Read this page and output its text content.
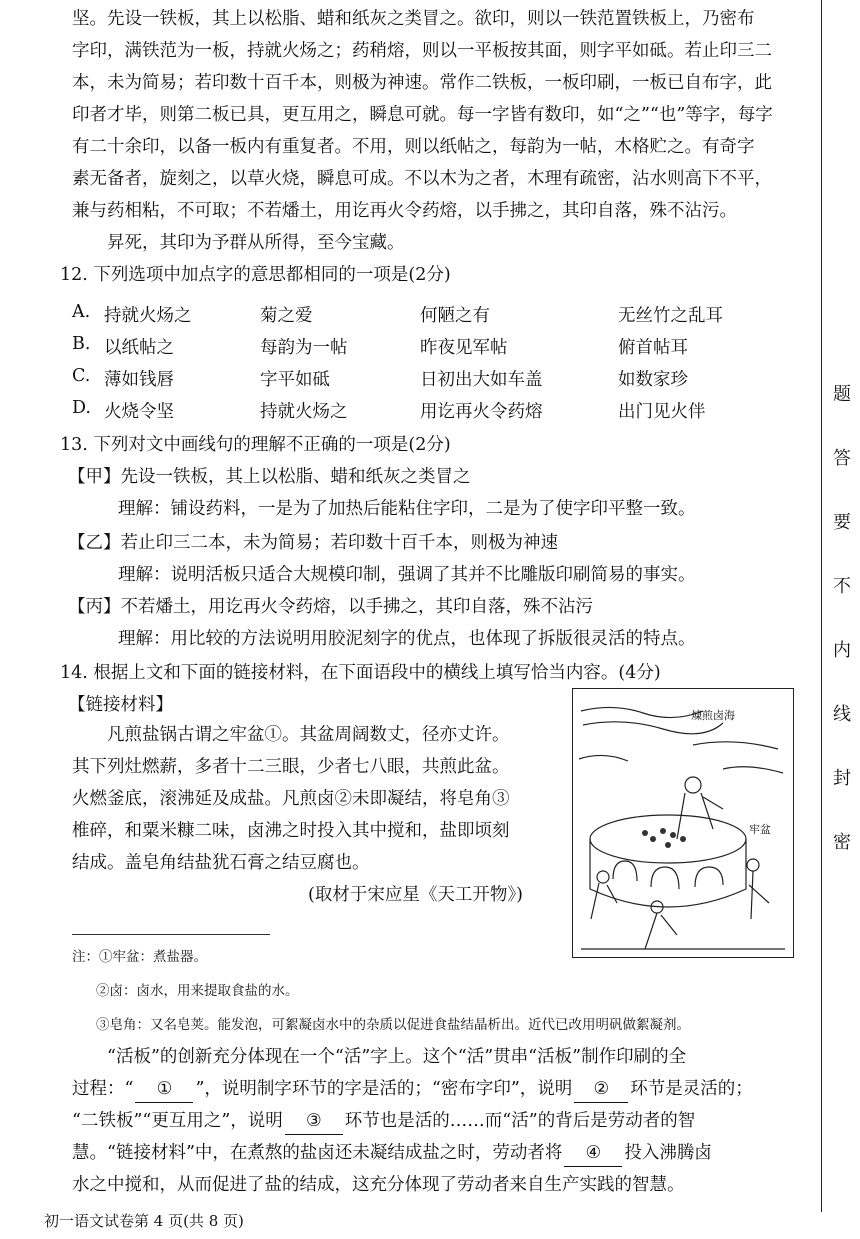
坚。先设一铁板，其上以松脂、蜡和纸灰之类冒之。欲印，则以一铁范置铁板上，乃密布
字印，满铁范为一板，持就火炀之；药稍熔，则以一平板按其面，则字平如砥。若止印三二
本，未为简易；若印数十百千本，则极为神速。常作二铁板，一板印刷，一板已自布字，此
印者才毕，则第二板已具，更互用之，瞬息可就。每一字皆有数印，如“之”“也”等字，每字
有二十余印，以备一板内有重复者。不用，则以纸帖之，每韵为一帖，木格贮之。有奇字
素无备者，旋刻之，以草火烧，瞬息可成。不以木为之者，木理有疏密，沾水则高下不平，
兼与药相粘，不可取；不若燔土，用讫再火令药熔，以手拂之，其印自落，殊不沾污。
　　昇死，其印为予群从所得，至今宝藏。
12. 下列选项中加点字的意思都相同的一项是(2分)
A. 持就火炀之	菊之爱	何陋之有	无丝竹之乱耳
B. 以纸帖之	每韵为一帖	昨夜见军帖	俯首帖耳
C. 薄如钱唇	字平如砥	日初出大如车盖	如数家珍
D. 火烧令坚	持就火炀之	用讫再火令药熔	出门见火伴
13. 下列对文中画线句的理解不正确的一项是(2分)
【甲】先设一铁板，其上以松脂、蜡和纸灰之类冒之
理解：铺设药料，一是为了加热后能粘住字印，二是为了使字印平整一致。
【乙】若止印三二本，未为简易；若印数十百千本，则极为神速
理解：说明活板只适合大规模印制，强调了其并不比雕版印刷简易的事实。
【丙】不若燔土，用讫再火令药熔，以手拂之，其印自落，殊不沾污
理解：用比较的方法说明用胶泥刻字的优点，也体现了拆版很灵活的特点。
14. 根据上文和下面的链接材料，在下面语段中的横线上填写恰当内容。(4分)
【链接材料】
　　凡煎盐锅古谓之牢盆①。其盆周阔数丈，径亦丈许。
其下列灶燃薪，多者十二三眼，少者七八眼，共煎此盆。
火燃釜底，滚沸延及成盐。凡煎卤②未即凝结，将皂角③
椎碎，和粟米糠二味，卤沸之时投入其中搅和，盐即顷刻
结成。盖皂角结盐犹石膏之结豆腐也。
(取材于宋应星《天工开物》)
煉煎卤海
牢盆
注：①牢盆：煮盐器。
②卤：卤水，用来提取食盐的水。
③皂角：又名皂荚。能发泡，可絮凝卤水中的杂质以促进食盐结晶析出。近代已改用明矾做絮凝剂。
　　“活板”的创新充分体现在一个“活”字上。这个“活”贯串“活板”制作印刷的全
过程：“ ① ”，说明制字环节的字是活的；“密布字印”，说明 ② 环节是灵活的；
“二铁板”“更互用之”，说明 ③ 环节也是活的……而“活”的背后是劳动者的智
慧。“链接材料”中，在煮熬的盐卤还未凝结成盐之时，劳动者将 ④ 投入沸腾卤
水之中搅和，从而促进了盐的结成，这充分体现了劳动者来自生产实践的智慧。
初一语文试卷第 4 页(共 8 页)
题
答
要
不
内
线
封
密
